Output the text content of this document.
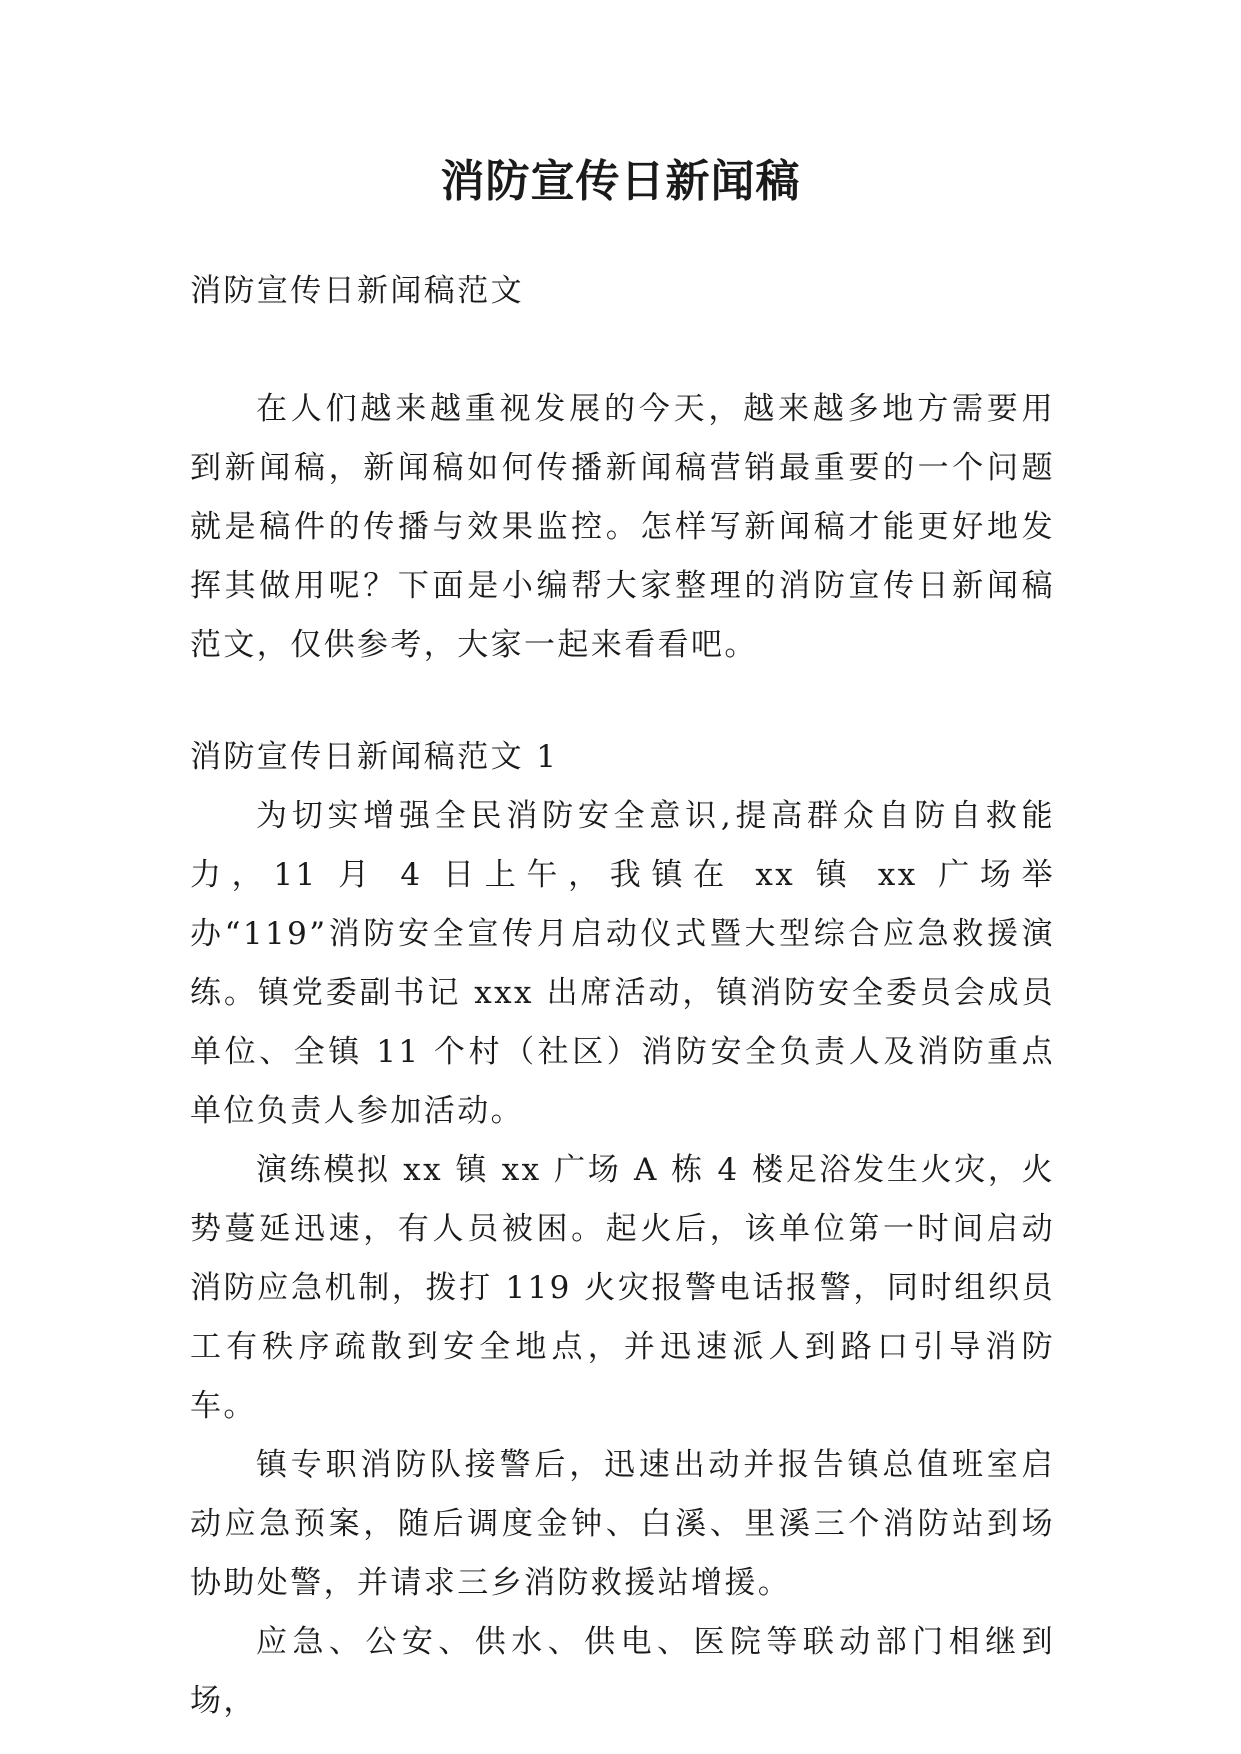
消防宣传日新闻稿

消防宣传日新闻稿范文

在人们越来越重视发展的今天，越来越多地方需要用到新闻稿，新闻稿如何传播新闻稿营销最重要的一个问题就是稿件的传播与效果监控。怎样写新闻稿才能更好地发挥其做用呢？下面是小编帮大家整理的消防宣传日新闻稿范文，仅供参考，大家一起来看看吧。

消防宣传日新闻稿范文 1

为切实增强全民消防安全意识,提高群众自防自救能力，11 月 4 日上午，我镇在 xx 镇 xx 广场举办“119”消防安全宣传月启动仪式暨大型综合应急救援演练。镇党委副书记 xxx 出席活动，镇消防安全委员会成员单位、全镇 11 个村（社区）消防安全负责人及消防重点单位负责人参加活动。

演练模拟 xx 镇 xx 广场 A 栋 4 楼足浴发生火灾，火势蔓延迅速，有人员被困。起火后，该单位第一时间启动消防应急机制，拨打 119 火灾报警电话报警，同时组织员工有秩序疏散到安全地点，并迅速派人到路口引导消防车。

镇专职消防队接警后，迅速出动并报告镇总值班室启动应急预案，随后调度金钟、白溪、里溪三个消防站到场协助处警，并请求三乡消防救援站增援。

应急、公安、供水、供电、医院等联动部门相继到场，
